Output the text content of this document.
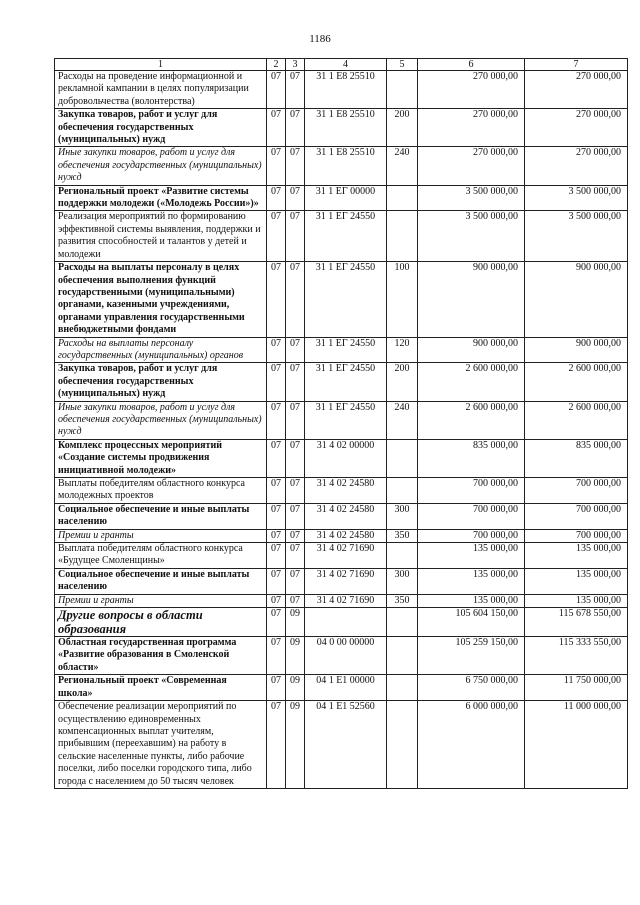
1186
1	2	3	4	5	6	7
Расходы на проведение информационной и рекламной кампании в целях популяризации добровольчества (волонтерства)	07	07	31 1 E8 25510		270 000,00	270 000,00
Закупка товаров, работ и услуг для обеспечения государственных (муниципальных) нужд	07	07	31 1 E8 25510	200	270 000,00	270 000,00
Иные закупки товаров, работ и услуг для обеспечения государственных (муниципальных) нужд	07	07	31 1 E8 25510	240	270 000,00	270 000,00
Региональный проект «Развитие системы поддержки молодежи («Молодежь России»)»	07	07	31 1 EГ 00000		3 500 000,00	3 500 000,00
Реализация мероприятий по формированию эффективной системы выявления, поддержки и развития способностей и талантов у детей и молодежи	07	07	31 1 EГ 24550		3 500 000,00	3 500 000,00
Расходы на выплаты персоналу в целях обеспечения выполнения функций государственными (муниципальными) органами, казенными учреждениями, органами управления государственными внебюджетными фондами	07	07	31 1 EГ 24550	100	900 000,00	900 000,00
Расходы на выплаты персоналу государственных (муниципальных) органов	07	07	31 1 EГ 24550	120	900 000,00	900 000,00
Закупка товаров, работ и услуг для обеспечения государственных (муниципальных) нужд	07	07	31 1 EГ 24550	200	2 600 000,00	2 600 000,00
Иные закупки товаров, работ и услуг для обеспечения государственных (муниципальных) нужд	07	07	31 1 EГ 24550	240	2 600 000,00	2 600 000,00
Комплекс процессных мероприятий «Создание системы продвижения инициативной молодежи»	07	07	31 4 02 00000		835 000,00	835 000,00
Выплаты победителям областного конкурса молодежных проектов	07	07	31 4 02 24580		700 000,00	700 000,00
Социальное обеспечение и иные выплаты населению	07	07	31 4 02 24580	300	700 000,00	700 000,00
Премии и гранты	07	07	31 4 02 24580	350	700 000,00	700 000,00
Выплата победителям областного конкурса «Будущее Смоленщины»	07	07	31 4 02 71690		135 000,00	135 000,00
Социальное обеспечение и иные выплаты населению	07	07	31 4 02 71690	300	135 000,00	135 000,00
Премии и гранты	07	07	31 4 02 71690	350	135 000,00	135 000,00
Другие вопросы в области образования	07	09			105 604 150,00	115 678 550,00
Областная государственная программа «Развитие образования в Смоленской области»	07	09	04 0 00 00000		105 259 150,00	115 333 550,00
Региональный проект «Современная школа»	07	09	04 1 E1 00000		6 750 000,00	11 750 000,00
Обеспечение реализации мероприятий по осуществлению единовременных компенсационных выплат учителям, прибывшим (переехавшим) на работу в сельские населенные пункты, либо рабочие поселки, либо поселки городского типа, либо города с населением до 50 тысяч человек	07	09	04 1 E1 52560		6 000 000,00	11 000 000,00
